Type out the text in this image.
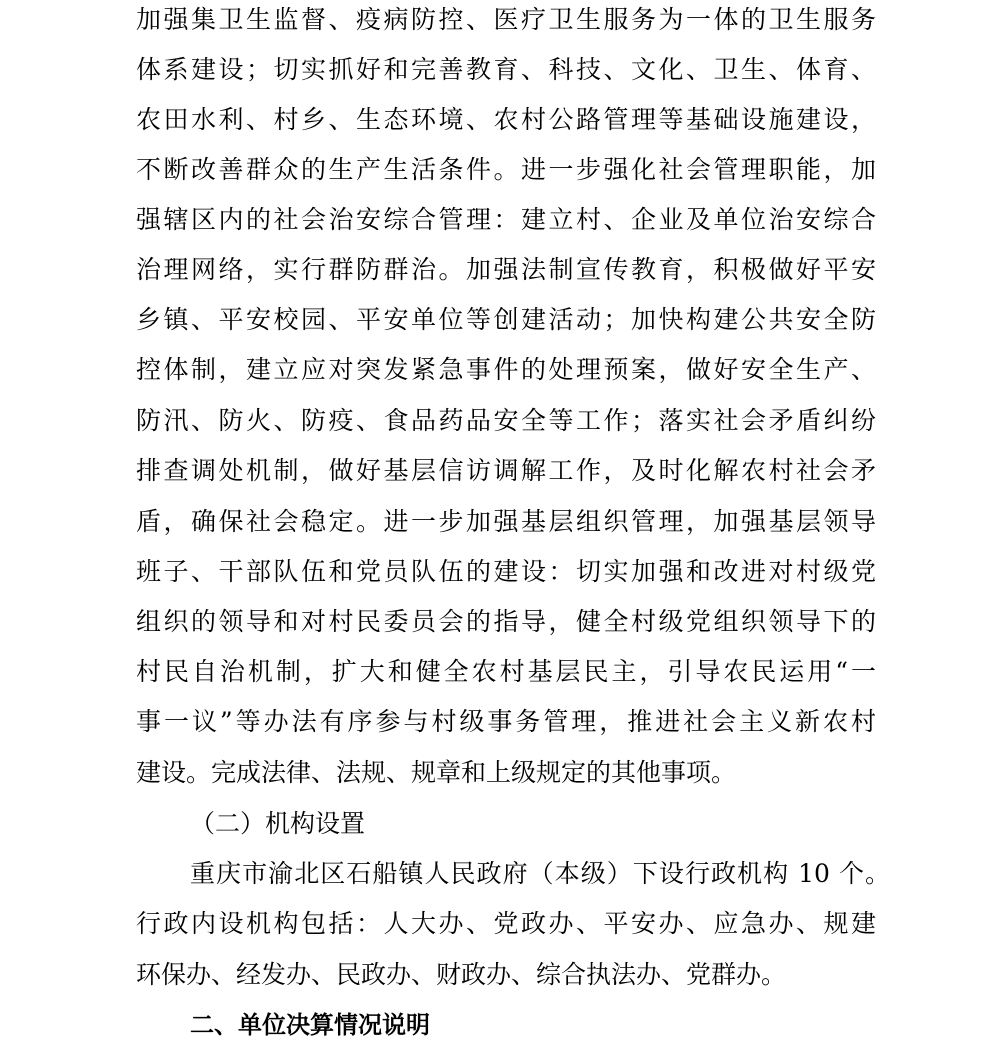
加强集卫生监督、疫病防控、医疗卫生服务为一体的卫生服务
体系建设；切实抓好和完善教育、科技、文化、卫生、体育、
农田水利、村乡、生态环境、农村公路管理等基础设施建设，
不断改善群众的生产生活条件。进一步强化社会管理职能，加
强辖区内的社会治安综合管理：建立村、企业及单位治安综合
治理网络，实行群防群治。加强法制宣传教育，积极做好平安
乡镇、平安校园、平安单位等创建活动；加快构建公共安全防
控体制，建立应对突发紧急事件的处理预案，做好安全生产、
防汛、防火、防疫、食品药品安全等工作；落实社会矛盾纠纷
排查调处机制，做好基层信访调解工作，及时化解农村社会矛
盾，确保社会稳定。进一步加强基层组织管理，加强基层领导
班子、干部队伍和党员队伍的建设：切实加强和改进对村级党
组织的领导和对村民委员会的指导，健全村级党组织领导下的
村民自治机制，扩大和健全农村基层民主，引导农民运用“一
事一议”等办法有序参与村级事务管理，推进社会主义新农村
建设。完成法律、法规、规章和上级规定的其他事项。
（二）机构设置
重庆市渝北区石船镇人民政府（本级）下设行政机构 10 个。
行政内设机构包括：人大办、党政办、平安办、应急办、规建
环保办、经发办、民政办、财政办、综合执法办、党群办。
二、单位决算情况说明
